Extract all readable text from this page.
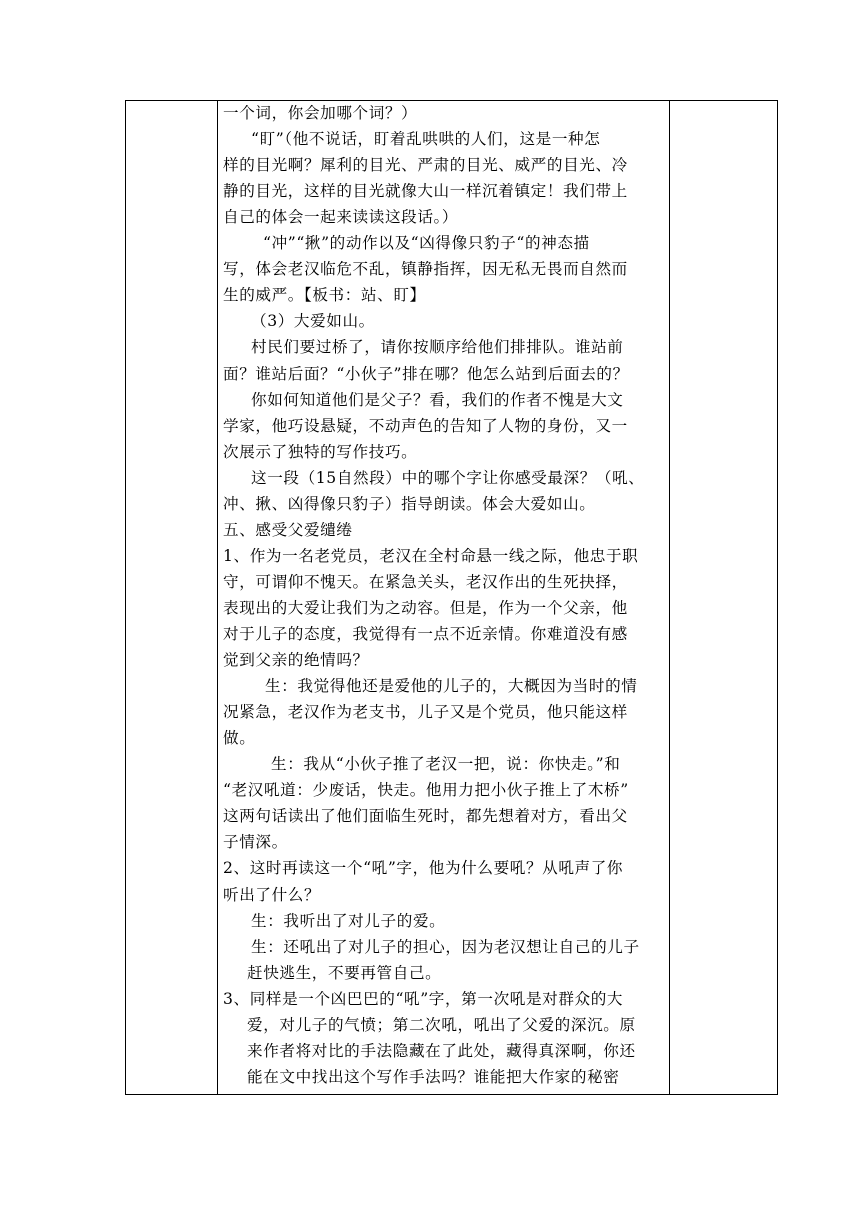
一个词，你会加哪个词？）
“盯”（他不说话，盯着乱哄哄的人们，这是一种怎
样的目光啊？犀利的目光、严肃的目光、威严的目光、冷
静的目光，这样的目光就像大山一样沉着镇定！我们带上
自己的体会一起来读读这段话。）
“冲”“揪”的动作以及“凶得像只豹子“的神态描
写，体会老汉临危不乱，镇静指挥，因无私无畏而自然而
生的威严。【板书：站、盯】
（3）大爱如山。
村民们要过桥了，请你按顺序给他们排排队。谁站前
面？谁站后面？“小伙子”排在哪？他怎么站到后面去的？
你如何知道他们是父子？看，我们的作者不愧是大文
学家，他巧设悬疑，不动声色的告知了人物的身份，又一
次展示了独特的写作技巧。
这一段（15自然段）中的哪个字让你感受最深？（吼、
冲、揪、凶得像只豹子）指导朗读。体会大爱如山。
五、感受父爱缱绻
1、作为一名老党员，老汉在全村命悬一线之际，他忠于职
守，可谓仰不愧天。在紧急关头，老汉作出的生死抉择，
表现出的大爱让我们为之动容。但是，作为一个父亲，他
对于儿子的态度，我觉得有一点不近亲情。你难道没有感
觉到父亲的绝情吗？
生：我觉得他还是爱他的儿子的，大概因为当时的情
况紧急，老汉作为老支书，儿子又是个党员，他只能这样
做。
生：我从“小伙子推了老汉一把，说：你快走。”和
“老汉吼道：少废话，快走。他用力把小伙子推上了木桥”
这两句话读出了他们面临生死时，都先想着对方，看出父
子情深。
2、这时再读这一个“吼”字，他为什么要吼？从吼声了你
听出了什么？
生：我听出了对儿子的爱。
生：还吼出了对儿子的担心，因为老汉想让自己的儿子
赶快逃生，不要再管自己。
3、同样是一个凶巴巴的“吼”字，第一次吼是对群众的大
爱，对儿子的气愤；第二次吼，吼出了父爱的深沉。原
来作者将对比的手法隐藏在了此处，藏得真深啊，你还
能在文中找出这个写作手法吗？谁能把大作家的秘密
